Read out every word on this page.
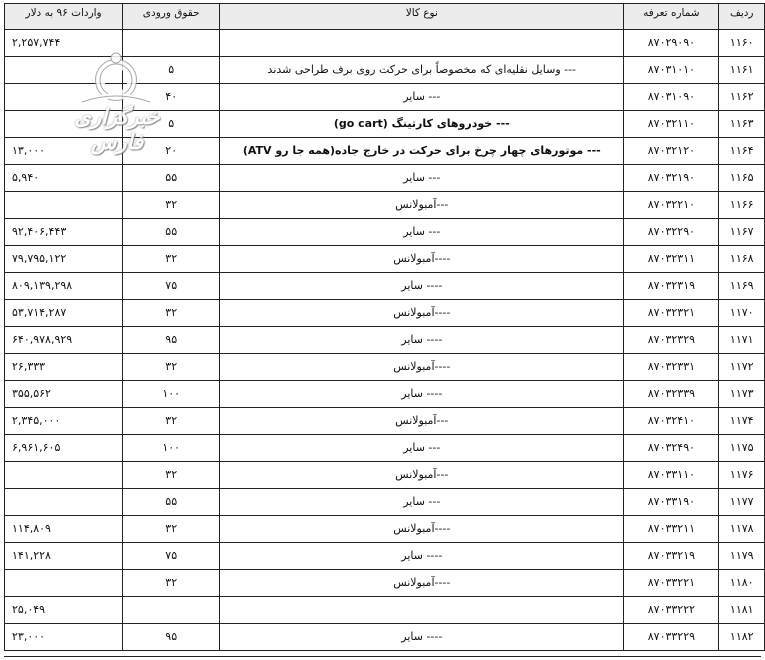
ردیف	شماره تعرفه	نوع کالا	حقوق ورودی	واردات ۹۶ به دلار
۱۱۶۰	۸۷۰۲۹۰۹۰			۲,۲۵۷,۷۴۴
۱۱۶۱	۸۷۰۳۱۰۱۰	--- وسایل نقلیه‌ای که مخصوصاً برای حرکت روی برف طراحی شدند	۵	
۱۱۶۲	۸۷۰۳۱۰۹۰	--- سایر	۴۰	
۱۱۶۳	۸۷۰۳۲۱۱۰	--- خودروهای کارتینگ (go cart)	۵	
۱۱۶۴	۸۷۰۳۲۱۲۰	--- موتورهای چهار چرخ برای حرکت در خارج جاده(همه جا رو ATV)	۲۰	۱۳,۰۰۰
۱۱۶۵	۸۷۰۳۲۱۹۰	--- سایر	۵۵	۵,۹۴۰
۱۱۶۶	۸۷۰۳۲۲۱۰	---آمبولانس	۳۲	
۱۱۶۷	۸۷۰۳۲۲۹۰	--- سایر	۵۵	۹۲,۴۰۶,۴۴۳
۱۱۶۸	۸۷۰۳۲۳۱۱	----آمبولانس	۳۲	۷۹,۷۹۵,۱۲۲
۱۱۶۹	۸۷۰۳۲۳۱۹	---- سایر	۷۵	۸۰۹,۱۳۹,۲۹۸
۱۱۷۰	۸۷۰۳۲۳۲۱	----آمبولانس	۳۲	۵۳,۷۱۴,۲۸۷
۱۱۷۱	۸۷۰۳۲۳۲۹	---- سایر	۹۵	۶۴۰,۹۷۸,۹۲۹
۱۱۷۲	۸۷۰۳۲۳۳۱	----آمبولانس	۳۲	۲۶,۳۳۳
۱۱۷۳	۸۷۰۳۲۳۳۹	---- سایر	۱۰۰	۳۵۵,۵۶۲
۱۱۷۴	۸۷۰۳۲۴۱۰	---آمبولانس	۳۲	۲,۳۴۵,۰۰۰
۱۱۷۵	۸۷۰۳۲۴۹۰	--- سایر	۱۰۰	۶,۹۶۱,۶۰۵
۱۱۷۶	۸۷۰۳۳۱۱۰	---آمبولانس	۳۲	
۱۱۷۷	۸۷۰۳۳۱۹۰	--- سایر	۵۵	
۱۱۷۸	۸۷۰۳۳۲۱۱	----آمبولانس	۳۲	۱۱۴,۸۰۹
۱۱۷۹	۸۷۰۳۳۲۱۹	---- سایر	۷۵	۱۴۱,۲۲۸
۱۱۸۰	۸۷۰۳۳۲۲۱	----آمبولانس	۳۲	
۱۱۸۱	۸۷۰۳۳۲۲۲			۲۵,۰۴۹
۱۱۸۲	۸۷۰۳۳۲۲۹	---- سایر	۹۵	۲۳,۰۰۰
خبرگزاری فارس
